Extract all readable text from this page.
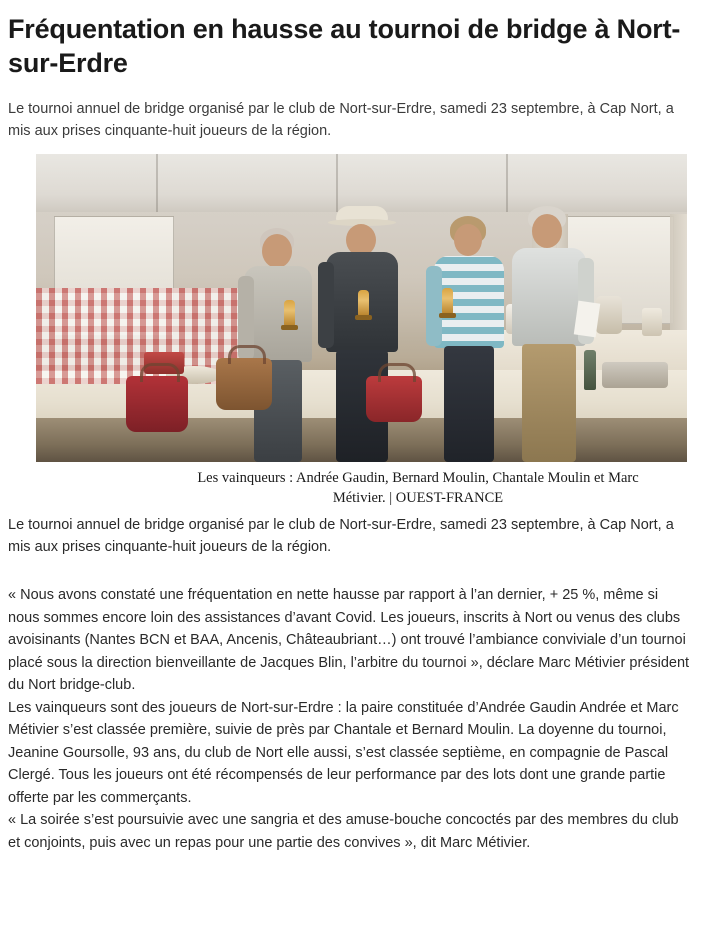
Fréquentation en hausse au tournoi de bridge à Nort-sur-Erdre

Le tournoi annuel de bridge organisé par le club de Nort-sur-Erdre, samedi 23 septembre, à Cap Nort, a mis aux prises cinquante-huit joueurs de la région.

Les vainqueurs : Andrée Gaudin, Bernard Moulin, Chantale Moulin et Marc Métivier. | OUEST-FRANCE

Le tournoi annuel de bridge organisé par le club de Nort-sur-Erdre, samedi 23 septembre, à Cap Nort, a mis aux prises cinquante-huit joueurs de la région.

« Nous avons constaté une fréquentation en nette hausse par rapport à l’an dernier, + 25 %, même si nous sommes encore loin des assistances d’avant Covid. Les joueurs, inscrits à Nort ou venus des clubs avoisinants (Nantes BCN et BAA, Ancenis, Châteaubriant…) ont trouvé l’ambiance conviviale d’un tournoi placé sous la direction bienveillante de Jacques Blin, l’arbitre du tournoi », déclare Marc Métivier président du Nort bridge-club.

Les vainqueurs sont des joueurs de Nort-sur-Erdre : la paire constituée d’Andrée Gaudin Andrée et Marc Métivier s’est classée première, suivie de près par Chantale et Bernard Moulin. La doyenne du tournoi, Jeanine Goursolle, 93 ans, du club de Nort elle aussi, s’est classée septième, en compagnie de Pascal Clergé. Tous les joueurs ont été récompensés de leur performance par des lots dont une grande partie offerte par les commerçants.

« La soirée s’est poursuivie avec une sangria et des amuse-bouche concoctés par des membres du club et conjoints, puis avec un repas pour une partie des convives », dit Marc Métivier.
